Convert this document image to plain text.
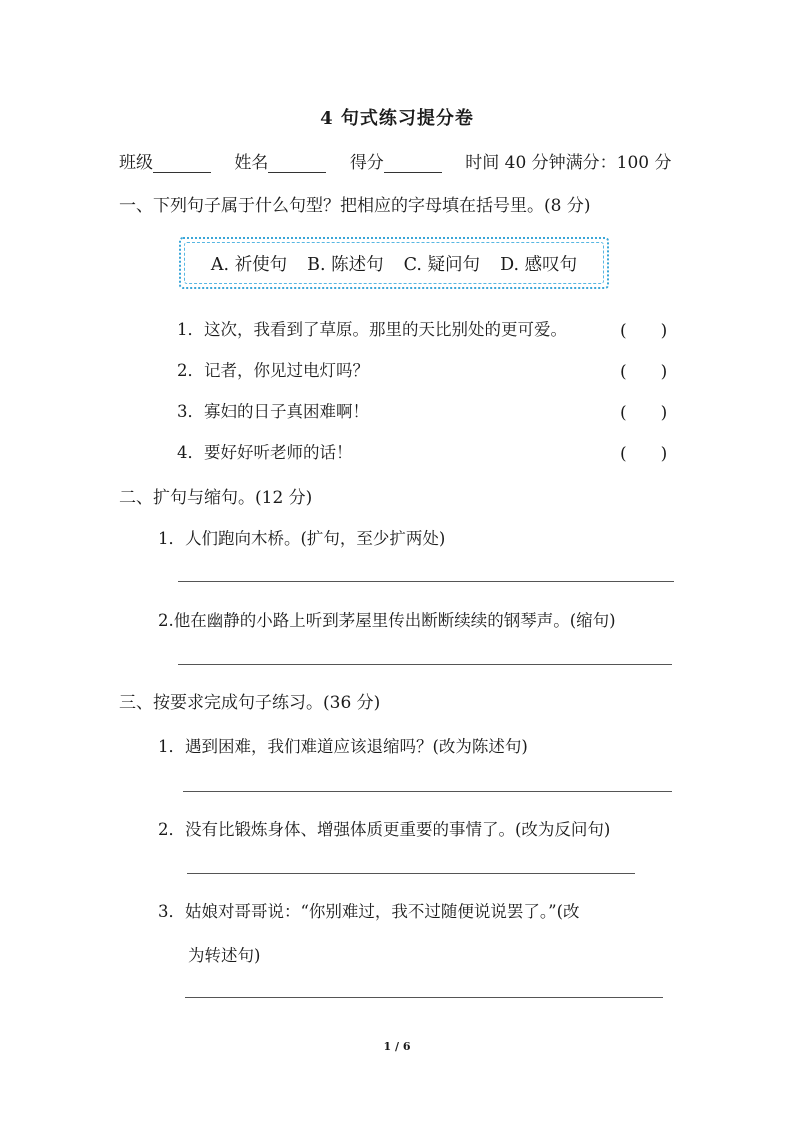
4 句式练习提分卷
班级	姓名	得分	时间 40 分钟满分：100 分
一、下列句子属于什么句型？把相应的字母填在括号里。(8 分)
A. 祈使句 B. 陈述句 C. 疑问句 D. 感叹句
1．这次，我看到了草原。那里的天比别处的更可爱。	(　　)
2．记者，你见过电灯吗？	(　　)
3．寡妇的日子真困难啊！	(　　)
4．要好好听老师的话！	(　　)
二、扩句与缩句。(12 分)
1．人们跑向木桥。(扩句，至少扩两处)
2.他在幽静的小路上听到茅屋里传出断断续续的钢琴声。(缩句)
三、按要求完成句子练习。(36 分)
1．遇到困难，我们难道应该退缩吗？(改为陈述句)
2．没有比锻炼身体、增强体质更重要的事情了。(改为反问句)
3．姑娘对哥哥说：“你别难过，我不过随便说说罢了。”(改
为转述句)
1 / 6
